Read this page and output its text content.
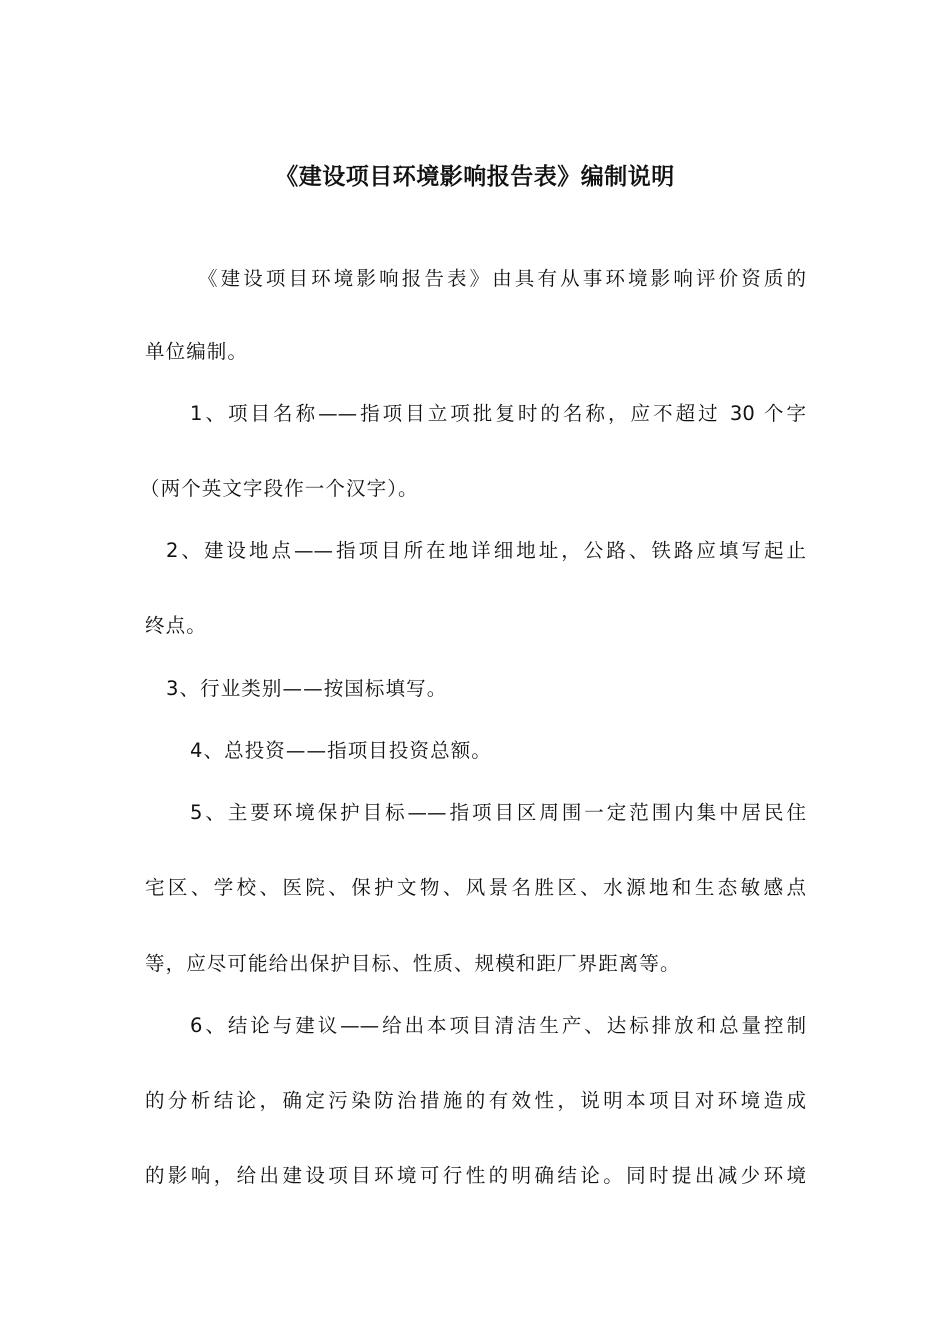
《建设项目环境影响报告表》编制说明
《建设项目环境影响报告表》由具有从事环境影响评价资质的
单位编制。
1、项目名称——指项目立项批复时的名称，应不超过 30 个字
（两个英文字段作一个汉字）。
2、建设地点——指项目所在地详细地址，公路、铁路应填写起止
终点。
3、行业类别——按国标填写。
4、总投资——指项目投资总额。
5、主要环境保护目标——指项目区周围一定范围内集中居民住
宅区、学校、医院、保护文物、风景名胜区、水源地和生态敏感点
等，应尽可能给出保护目标、性质、规模和距厂界距离等。
6、结论与建议——给出本项目清洁生产、达标排放和总量控制
的分析结论，确定污染防治措施的有效性，说明本项目对环境造成
的影响，给出建设项目环境可行性的明确结论。同时提出减少环境
